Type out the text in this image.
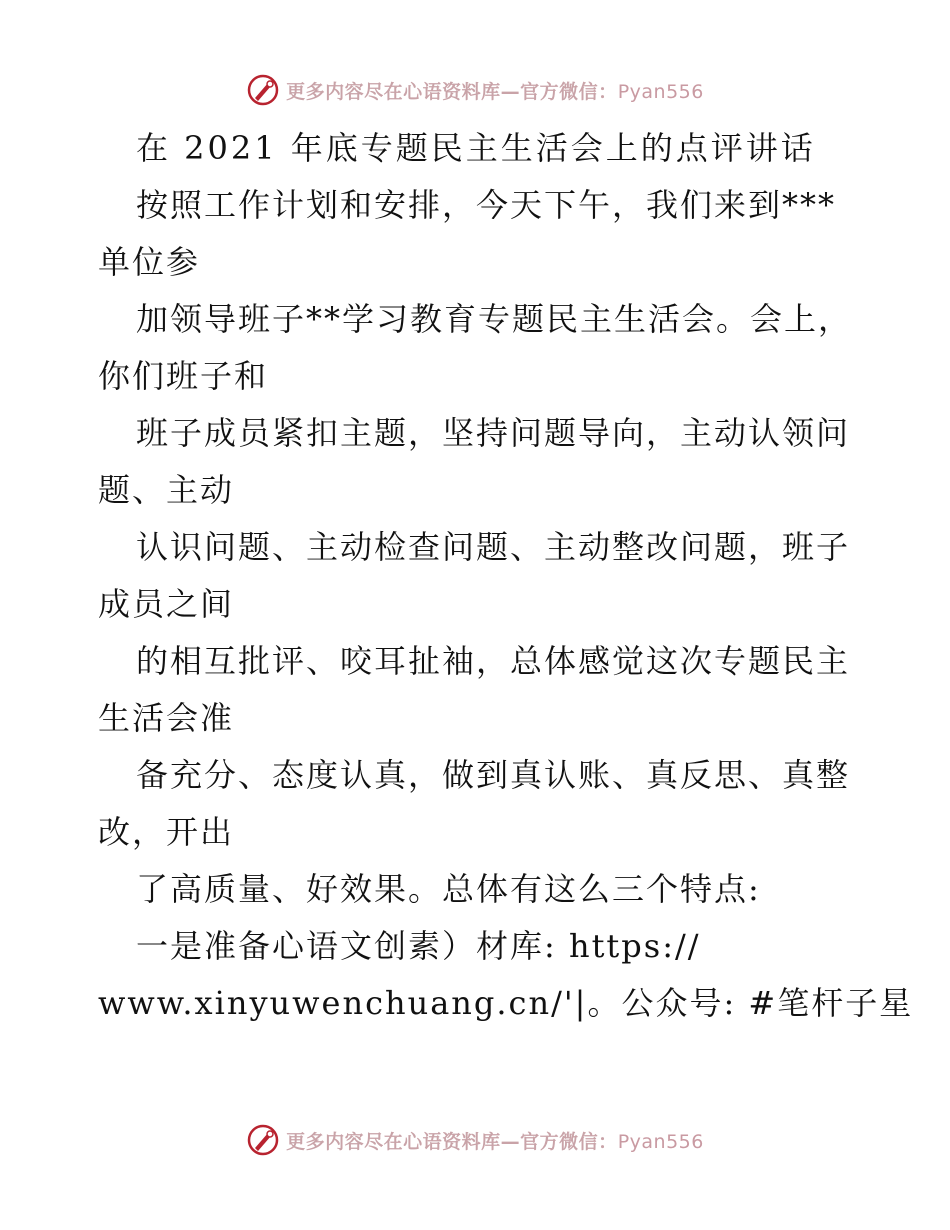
更多内容尽在心语资料库—官方微信：Pyan556
在 2021 年底专题民主生活会上的点评讲话
按照工作计划和安排，今天下午，我们来到***
单位参
加领导班子**学习教育专题民主生活会。会上，
你们班子和
班子成员紧扣主题，坚持问题导向，主动认领问
题、主动
认识问题、主动检查问题、主动整改问题，班子
成员之间
的相互批评、咬耳扯袖，总体感觉这次专题民主
生活会准
备充分、态度认真，做到真认账、真反思、真整
改，开出
了高质量、好效果。总体有这么三个特点:
一是准备心语文创素）材库: https://
www.xinyuwenchuang.cn/'|。公众号: #笔杆子星
更多内容尽在心语资料库—官方微信：Pyan556
